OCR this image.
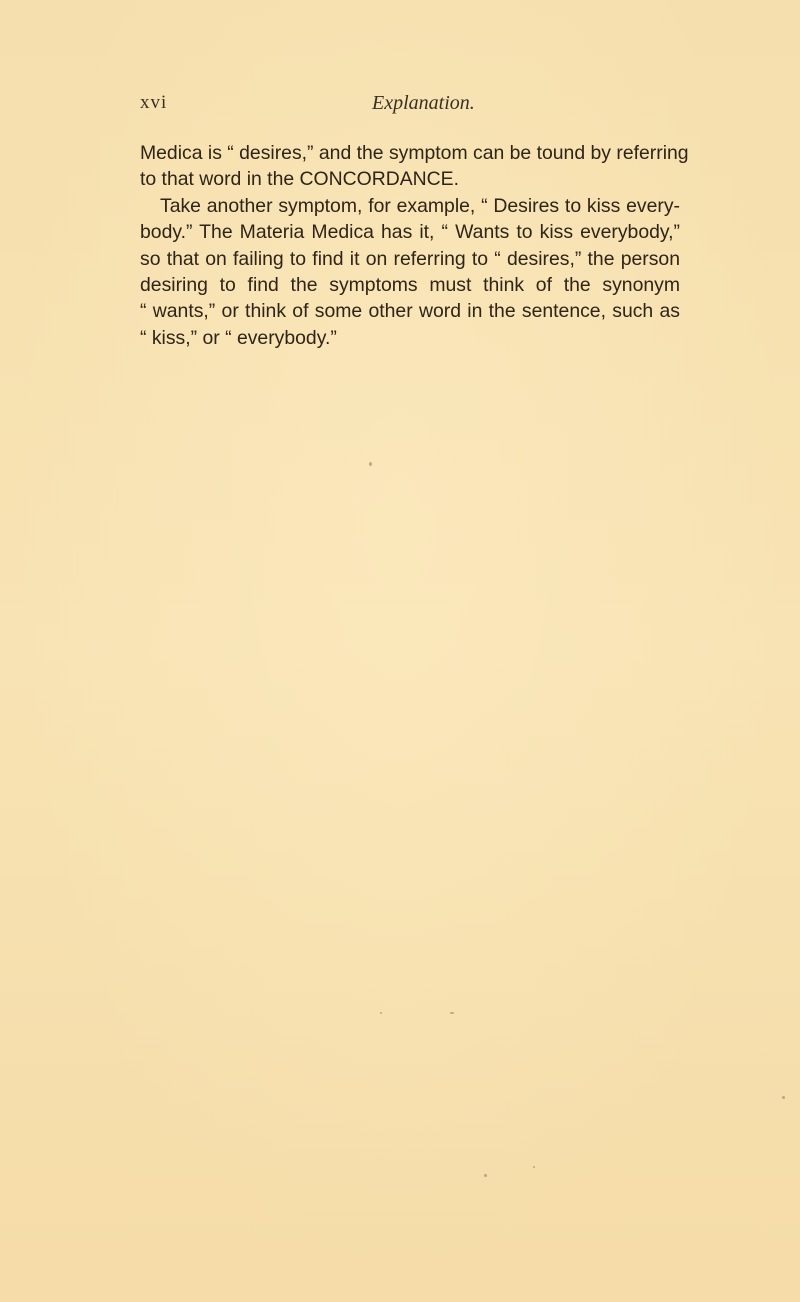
xvi	Explanation.
Medica is “ desires,” and the symptom can be tound by referring
to that word in the CONCORDANCE.
Take another symptom, for example, “ Desires to kiss every-
body.” The Materia Medica has it, “ Wants to kiss everybody,”
so that on failing to find it on referring to “ desires,” the person
desiring to find the symptoms must think of the synonym
“ wants,” or think of some other word in the sentence, such as
“ kiss,” or “ everybody.”
